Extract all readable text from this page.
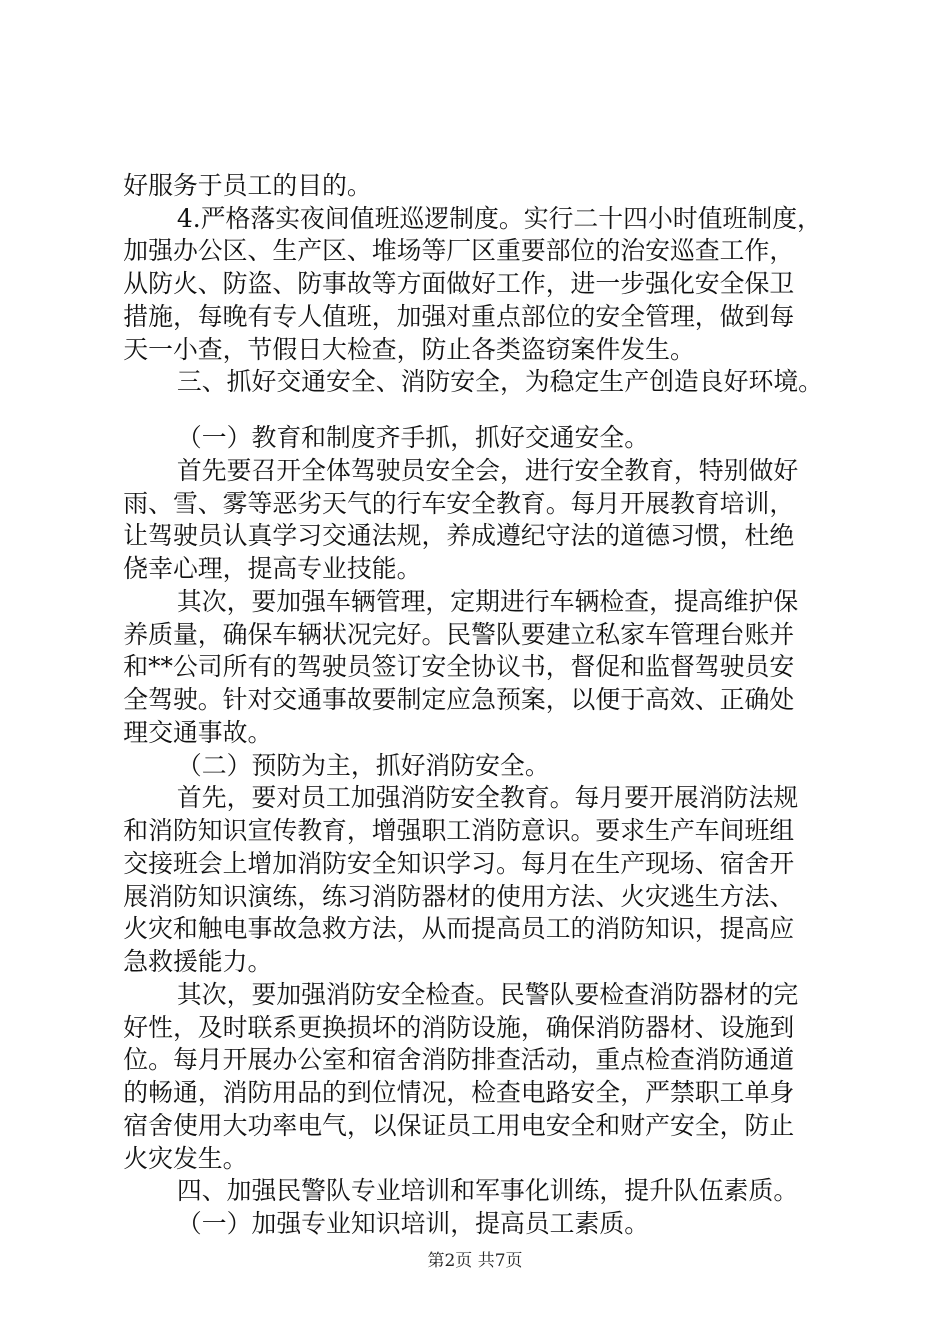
好服务于员工的目的。
4.严格落实夜间值班巡逻制度。实行二十四小时值班制度，
加强办公区、生产区、堆场等厂区重要部位的治安巡查工作，
从防火、防盗、防事故等方面做好工作，进一步强化安全保卫
措施，每晚有专人值班，加强对重点部位的安全管理，做到每
天一小查，节假日大检查，防止各类盗窃案件发生。
三、抓好交通安全、消防安全，为稳定生产创造良好环境。
（一）教育和制度齐手抓，抓好交通安全。
首先要召开全体驾驶员安全会，进行安全教育，特别做好
雨、雪、雾等恶劣天气的行车安全教育。每月开展教育培训，
让驾驶员认真学习交通法规，养成遵纪守法的道德习惯，杜绝
侥幸心理，提高专业技能。
其次，要加强车辆管理，定期进行车辆检查，提高维护保
养质量，确保车辆状况完好。民警队要建立私家车管理台账并
和**公司所有的驾驶员签订安全协议书，督促和监督驾驶员安
全驾驶。针对交通事故要制定应急预案，以便于高效、正确处
理交通事故。
（二）预防为主，抓好消防安全。
首先，要对员工加强消防安全教育。每月要开展消防法规
和消防知识宣传教育，增强职工消防意识。要求生产车间班组
交接班会上增加消防安全知识学习。每月在生产现场、宿舍开
展消防知识演练，练习消防器材的使用方法、火灾逃生方法、
火灾和触电事故急救方法，从而提高员工的消防知识，提高应
急救援能力。
其次，要加强消防安全检查。民警队要检查消防器材的完
好性，及时联系更换损坏的消防设施，确保消防器材、设施到
位。每月开展办公室和宿舍消防排查活动，重点检查消防通道
的畅通，消防用品的到位情况，检查电路安全，严禁职工单身
宿舍使用大功率电气，以保证员工用电安全和财产安全，防止
火灾发生。
四、加强民警队专业培训和军事化训练，提升队伍素质。
（一）加强专业知识培训，提高员工素质。
第2页 共7页
